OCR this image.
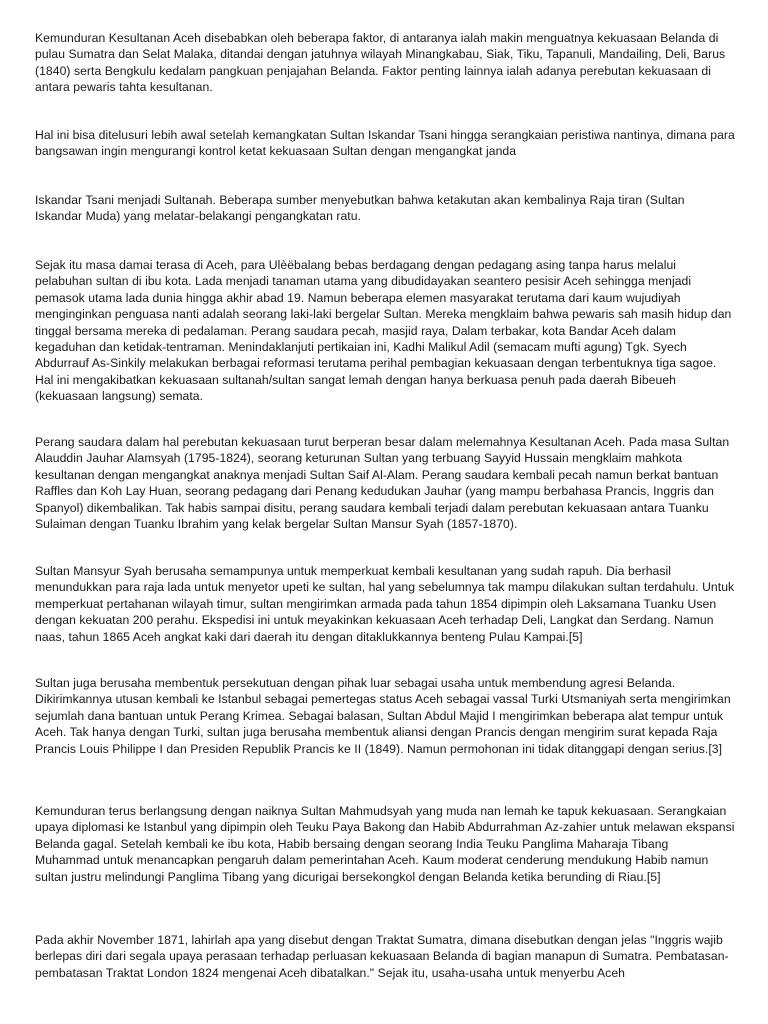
Kemunduran Kesultanan Aceh disebabkan oleh beberapa faktor, di antaranya ialah makin menguatnya kekuasaan Belanda di pulau Sumatra dan Selat Malaka, ditandai dengan jatuhnya wilayah Minangkabau, Siak, Tiku, Tapanuli, Mandailing, Deli, Barus (1840) serta Bengkulu kedalam pangkuan penjajahan Belanda. Faktor penting lainnya ialah adanya perebutan kekuasaan di antara pewaris tahta kesultanan.

Hal ini bisa ditelusuri lebih awal setelah kemangkatan Sultan Iskandar Tsani hingga serangkaian peristiwa nantinya, dimana para bangsawan ingin mengurangi kontrol ketat kekuasaan Sultan dengan mengangkat janda

Iskandar Tsani menjadi Sultanah. Beberapa sumber menyebutkan bahwa ketakutan akan kembalinya Raja tiran (Sultan Iskandar Muda) yang melatar-belakangi pengangkatan ratu.

Sejak itu masa damai terasa di Aceh, para Ulèëbalang bebas berdagang dengan pedagang asing tanpa harus melalui pelabuhan sultan di ibu kota. Lada menjadi tanaman utama yang dibudidayakan seantero pesisir Aceh sehingga menjadi pemasok utama lada dunia hingga akhir abad 19. Namun beberapa elemen masyarakat terutama dari kaum wujudiyah menginginkan penguasa nanti adalah seorang laki-laki bergelar Sultan. Mereka mengklaim bahwa pewaris sah masih hidup dan tinggal bersama mereka di pedalaman. Perang saudara pecah, masjid raya, Dalam terbakar, kota Bandar Aceh dalam kegaduhan dan ketidak-tentraman. Menindaklanjuti pertikaian ini, Kadhi Malikul Adil (semacam mufti agung) Tgk. Syech Abdurrauf As-Sinkily melakukan berbagai reformasi terutama perihal pembagian kekuasaan dengan terbentuknya tiga sagoe. Hal ini mengakibatkan kekuasaan sultanah/sultan sangat lemah dengan hanya berkuasa penuh pada daerah Bibeueh (kekuasaan langsung) semata.

Perang saudara dalam hal perebutan kekuasaan turut berperan besar dalam melemahnya Kesultanan Aceh. Pada masa Sultan Alauddin Jauhar Alamsyah (1795-1824), seorang keturunan Sultan yang terbuang Sayyid Hussain mengklaim mahkota kesultanan dengan mengangkat anaknya menjadi Sultan Saif Al-Alam. Perang saudara kembali pecah namun berkat bantuan Raffles dan Koh Lay Huan, seorang pedagang dari Penang kedudukan Jauhar (yang mampu berbahasa Prancis, Inggris dan Spanyol) dikembalikan. Tak habis sampai disitu, perang saudara kembali terjadi dalam perebutan kekuasaan antara Tuanku Sulaiman dengan Tuanku Ibrahim yang kelak bergelar Sultan Mansur Syah (1857-1870).

Sultan Mansyur Syah berusaha semampunya untuk memperkuat kembali kesultanan yang sudah rapuh. Dia berhasil menundukkan para raja lada untuk menyetor upeti ke sultan, hal yang sebelumnya tak mampu dilakukan sultan terdahulu. Untuk memperkuat pertahanan wilayah timur, sultan mengirimkan armada pada tahun 1854 dipimpin oleh Laksamana Tuanku Usen dengan kekuatan 200 perahu. Ekspedisi ini untuk meyakinkan kekuasaan Aceh terhadap Deli, Langkat dan Serdang. Namun naas, tahun 1865 Aceh angkat kaki dari daerah itu dengan ditaklukkannya benteng Pulau Kampai.[5]

Sultan juga berusaha membentuk persekutuan dengan pihak luar sebagai usaha untuk membendung agresi Belanda. Dikirimkannya utusan kembali ke Istanbul sebagai pemertegas status Aceh sebagai vassal Turki Utsmaniyah serta mengirimkan sejumlah dana bantuan untuk Perang Krimea. Sebagai balasan, Sultan Abdul Majid I mengirimkan beberapa alat tempur untuk Aceh. Tak hanya dengan Turki, sultan juga berusaha membentuk aliansi dengan Prancis dengan mengirim surat kepada Raja Prancis Louis Philippe I dan Presiden Republik Prancis ke II (1849). Namun permohonan ini tidak ditanggapi dengan serius.[3]

Kemunduran terus berlangsung dengan naiknya Sultan Mahmudsyah yang muda nan lemah ke tapuk kekuasaan. Serangkaian upaya diplomasi ke Istanbul yang dipimpin oleh Teuku Paya Bakong dan Habib Abdurrahman Az-zahier untuk melawan ekspansi Belanda gagal. Setelah kembali ke ibu kota, Habib bersaing dengan seorang India Teuku Panglima Maharaja Tibang Muhammad untuk menancapkan pengaruh dalam pemerintahan Aceh. Kaum moderat cenderung mendukung Habib namun sultan justru melindungi Panglima Tibang yang dicurigai bersekongkol dengan Belanda ketika berunding di Riau.[5]

Pada akhir November 1871, lahirlah apa yang disebut dengan Traktat Sumatra, dimana disebutkan dengan jelas "Inggris wajib berlepas diri dari segala upaya perasaan terhadap perluasan kekuasaan Belanda di bagian manapun di Sumatra. Pembatasan-pembatasan Traktat London 1824 mengenai Aceh dibatalkan." Sejak itu, usaha-usaha untuk menyerbu Aceh
